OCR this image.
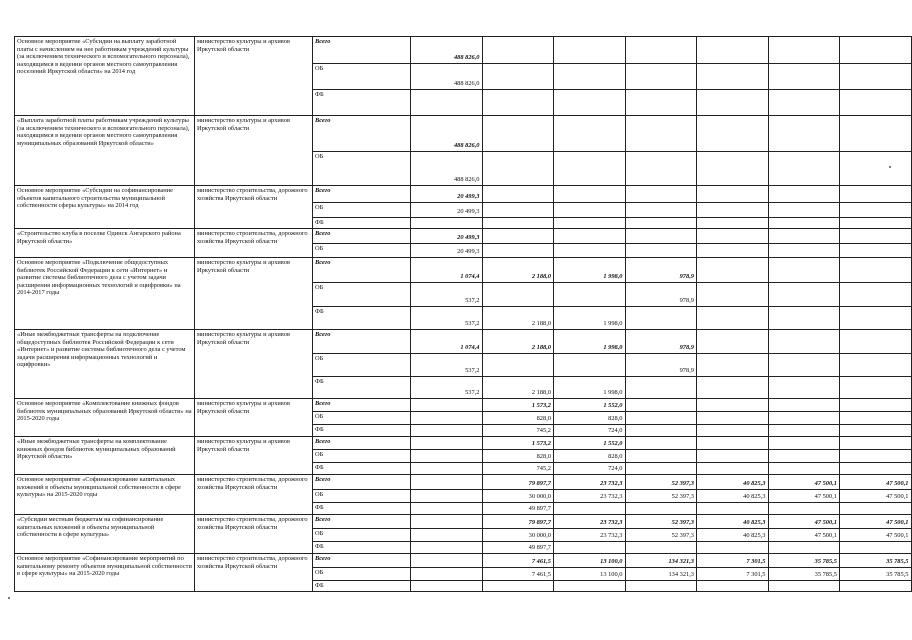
Основное мероприятие «Субсидии на выплату заработной платы с начислением на нее работникам учреждений культуры (за исключением технического и вспомогательного персонала), находящимся в ведении органов местного самоуправления поселений Иркутской области» на 2014 год	министерство культуры и архивов Иркутской области	Всего	488 826,0						
		ОБ	488 826,0						
		ФБ							
«Выплата заработной платы работникам учреждений культуры (за исключением технического и вспомогательного персонала), находящимся в ведении органов местного самоуправления муниципальных образований Иркутской области»	министерство культуры и архивов Иркутской области	Всего	488 826,0						
		ОБ	488 826,0						
Основное мероприятие «Субсидии на софинансирование объектов капитального строительства муниципальной собственности сферы культуры» на 2014 год	министерство строительства, дорожного хозяйства Иркутской области	Всего	20 499,3						
		ОБ	20 499,3						
		ФБ							
«Строительство клуба в поселке Одинск Ангарского района Иркутской области»	министерство строительства, дорожного хозяйства Иркутской области	Всего	20 499,3						
		ОБ	20 499,3						
Основное мероприятие «Подключение общедоступных библиотек Российской Федерации к сети «Интернет» и развитие системы библиотечного дела с учетом задачи расширения информационных технологий и оцифровки» на 2014-2017 годы	министерство культуры и архивов Иркутской области	Всего	1 074,4	2 188,0	1 998,0	978,9			
		ОБ	537,2			978,9			
		ФБ	537,2	2 188,0	1 998,0				
«Иные межбюджетные трансферты на подключение общедоступных библиотек Российской Федерации к сети «Интернет» и развитие системы библиотечного дела с учетом задачи расширения информационных технологий и оцифровки»	министерство культуры и архивов Иркутской области	Всего	1 074,4	2 188,0	1 998,0	978,9			
		ОБ	537,2			978,9			
		ФБ	537,2	2 188,0	1 998,0				
Основное мероприятие «Комплектование книжных фондов библиотек муниципальных образований Иркутской области» на 2015-2020 годы	министерство культуры и архивов Иркутской области	Всего		1 573,2	1 552,0				
		ОБ		828,0	828,0				
		ФБ		745,2	724,0				
«Иные межбюджетные трансферты на комплектование книжных фондов библиотек муниципальных образований Иркутской области»	министерство культуры и архивов Иркутской области	Всего		1 573,2	1 552,0				
		ОБ		828,0	828,0				
		ФБ		745,2	724,0				
Основное мероприятие «Софинансирование капитальных вложений в объекты муниципальной собственности в сфере культуры» на 2015-2020 годы	министерство строительства, дорожного хозяйства Иркутской области	Всего		79 897,7	23 732,3	52 397,3	40 825,3	47 500,1	47 500,1
		ОБ		30 000,0	23 732,3	52 397,3	40 825,3	47 500,1	47 500,1
		ФБ		49 897,7					
«Субсидии местным бюджетам на софинансирование капитальных вложений в объекты муниципальной собственности в сфере культуры»	министерство строительства, дорожного хозяйства Иркутской области	Всего		79 897,7	23 732,3	52 397,3	40 825,3	47 500,1	47 500,1
		ОБ		30 000,0	23 732,3	52 397,3	40 825,3	47 500,1	47 500,1
		ФБ		49 897,7					
Основное мероприятие «Софинансирование мероприятий по капитальному ремонту объектов муниципальной собственности в сфере культуры» на 2015-2020 годы	министерство строительства, дорожного хозяйства Иркутской области	Всего		7 461,5	13 100,0	134 321,3	7 301,5	35 785,5	35 785,5
		ОБ		7 461,5	13 100,0	134 321,3	7 301,5	35 785,5	35 785,5
		ФБ							
